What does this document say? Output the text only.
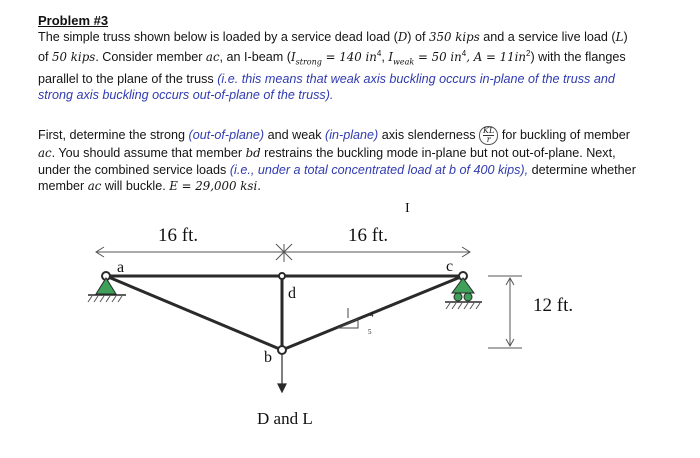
Problem #3
The simple truss shown below is loaded by a service dead load (D) of 350 kips and a service live load (L)
of 50 kips. Consider member ac, an I-beam ($I_{strong} = 140$ $in^4$, $I_{weak} = 50$ $in^4$, $A = 11in^2$) with the flanges parallel to the plane of the truss (i.e. this means that weak axis buckling occurs in-plane of the truss and strong axis buckling occurs out-of-plane of the truss).
First, determine the strong (out-of-plane) and weak (in-plane) axis slenderness $\frac{KL}{r}$ for buckling of member ac. You should assume that member bd restrains the buckling mode in-plane but not out-of-plane. Next, under the combined service loads (i.e., under a total concentrated load at b of 400 kips), determine whether member ac will buckle. E = 29,000 ksi.
I
16 ft.	16 ft.
4
5
a	c
d
b
D and L
12 ft.
